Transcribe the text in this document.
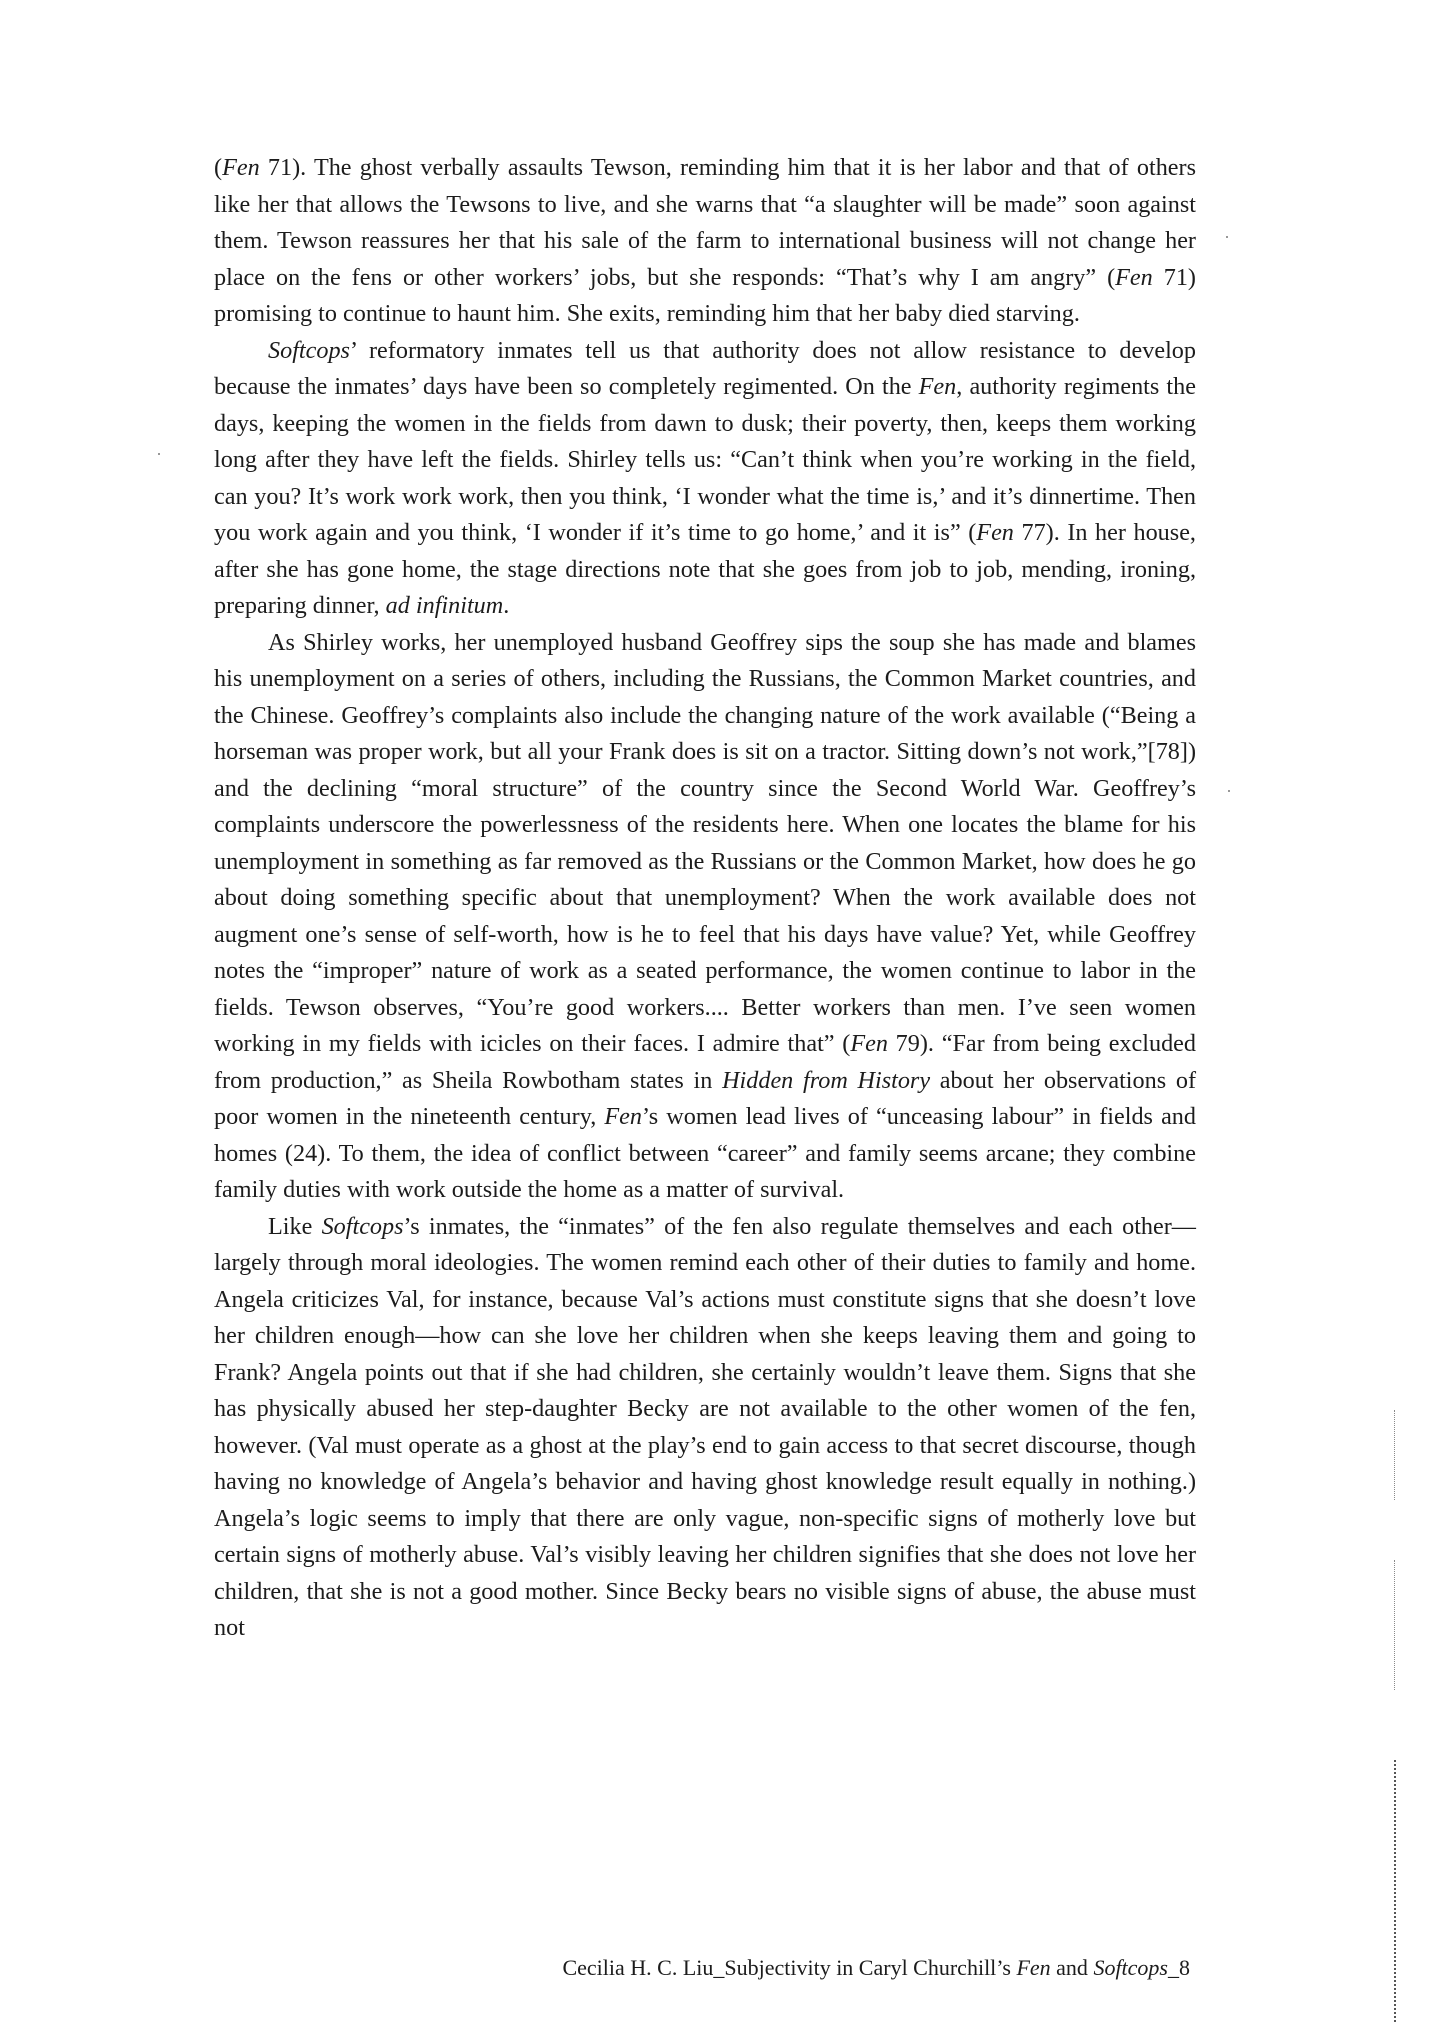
(Fen 71). The ghost verbally assaults Tewson, reminding him that it is her labor and that of others like her that allows the Tewsons to live, and she warns that “a slaughter will be made” soon against them. Tewson reassures her that his sale of the farm to international business will not change her place on the fens or other workers’ jobs, but she responds: “That’s why I am angry” (Fen 71) promising to continue to haunt him. She exits, reminding him that her baby died starving.

Softcops’ reformatory inmates tell us that authority does not allow resistance to develop because the inmates’ days have been so completely regimented. On the Fen, authority regiments the days, keeping the women in the fields from dawn to dusk; their poverty, then, keeps them working long after they have left the fields. Shirley tells us: “Can’t think when you’re working in the field, can you? It’s work work work, then you think, ‘I wonder what the time is,’ and it’s dinnertime. Then you work again and you think, ‘I wonder if it’s time to go home,’ and it is” (Fen 77). In her house, after she has gone home, the stage directions note that she goes from job to job, mending, ironing, preparing dinner, ad infinitum.

As Shirley works, her unemployed husband Geoffrey sips the soup she has made and blames his unemployment on a series of others, including the Russians, the Common Market countries, and the Chinese. Geoffrey’s complaints also include the changing nature of the work available (“Being a horseman was proper work, but all your Frank does is sit on a tractor. Sitting down’s not work,”[78]) and the declining “moral structure” of the country since the Second World War. Geoffrey’s complaints underscore the powerlessness of the residents here. When one locates the blame for his unemployment in something as far removed as the Russians or the Common Market, how does he go about doing something specific about that unemployment? When the work available does not augment one’s sense of self-worth, how is he to feel that his days have value? Yet, while Geoffrey notes the “improper” nature of work as a seated performance, the women continue to labor in the fields. Tewson observes, “You’re good workers.... Better workers than men. I’ve seen women working in my fields with icicles on their faces. I admire that” (Fen 79). “Far from being excluded from production,” as Sheila Rowbotham states in Hidden from History about her observations of poor women in the nineteenth century, Fen’s women lead lives of “unceasing labour” in fields and homes (24). To them, the idea of conflict between “career” and family seems arcane; they combine family duties with work outside the home as a matter of survival.

Like Softcops’s inmates, the “inmates” of the fen also regulate themselves and each other—largely through moral ideologies. The women remind each other of their duties to family and home. Angela criticizes Val, for instance, because Val’s actions must constitute signs that she doesn’t love her children enough—how can she love her children when she keeps leaving them and going to Frank? Angela points out that if she had children, she certainly wouldn’t leave them. Signs that she has physically abused her step-daughter Becky are not available to the other women of the fen, however. (Val must operate as a ghost at the play’s end to gain access to that secret discourse, though having no knowledge of Angela’s behavior and having ghost knowledge result equally in nothing.) Angela’s logic seems to imply that there are only vague, non-specific signs of motherly love but certain signs of motherly abuse. Val’s visibly leaving her children signifies that she does not love her children, that she is not a good mother. Since Becky bears no visible signs of abuse, the abuse must not

Cecilia H. C. Liu_Subjectivity in Caryl Churchill’s Fen and Softcops_8
